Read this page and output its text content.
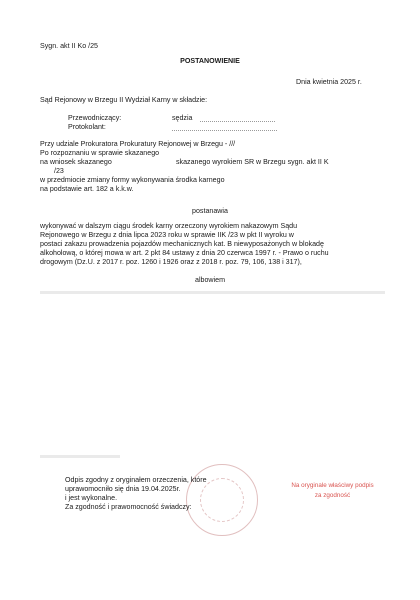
Sygn. akt II Ko /25
POSTANOWIENIE
Dnia kwietnia 2025 r.
Sąd Rejonowy w Brzegu II Wydział Karny w składzie:
Przewodniczący:	sędzia
Protokolant:
Przy udziale Prokuratora Prokuratury Rejonowej w Brzegu - ///
Po rozpoznaniu w sprawie skazanego
na wniosek skazanego	skazanego wyrokiem SR w Brzegu sygn. akt II K
/23
w przedmiocie zmiany formy wykonywania środka karnego
na podstawie art. 182 a k.k.w.
postanawia
wykonywać w dalszym ciągu środek karny orzeczony wyrokiem nakazowym Sądu
Rejonowego w Brzegu z dnia lipca 2023 roku w sprawie IIK /23 w pkt II wyroku w
postaci zakazu prowadzenia pojazdów mechanicznych kat. B niewyposażonych w blokadę
alkoholową, o której mowa w art. 2 pkt 84 ustawy z dnia 20 czerwca 1997 r. - Prawo o ruchu
drogowym (Dz.U. z 2017 r. poz. 1260 i 1926 oraz z 2018 r. poz. 79, 106, 138 i 317),
albowiem
Odpis zgodny z oryginałem orzeczenia, które
uprawomocniło się dnia 19.04.2025r.
i jest wykonalne.
Za zgodność i prawomocność świadczy:
Na oryginale właściwy podpis
za zgodność
